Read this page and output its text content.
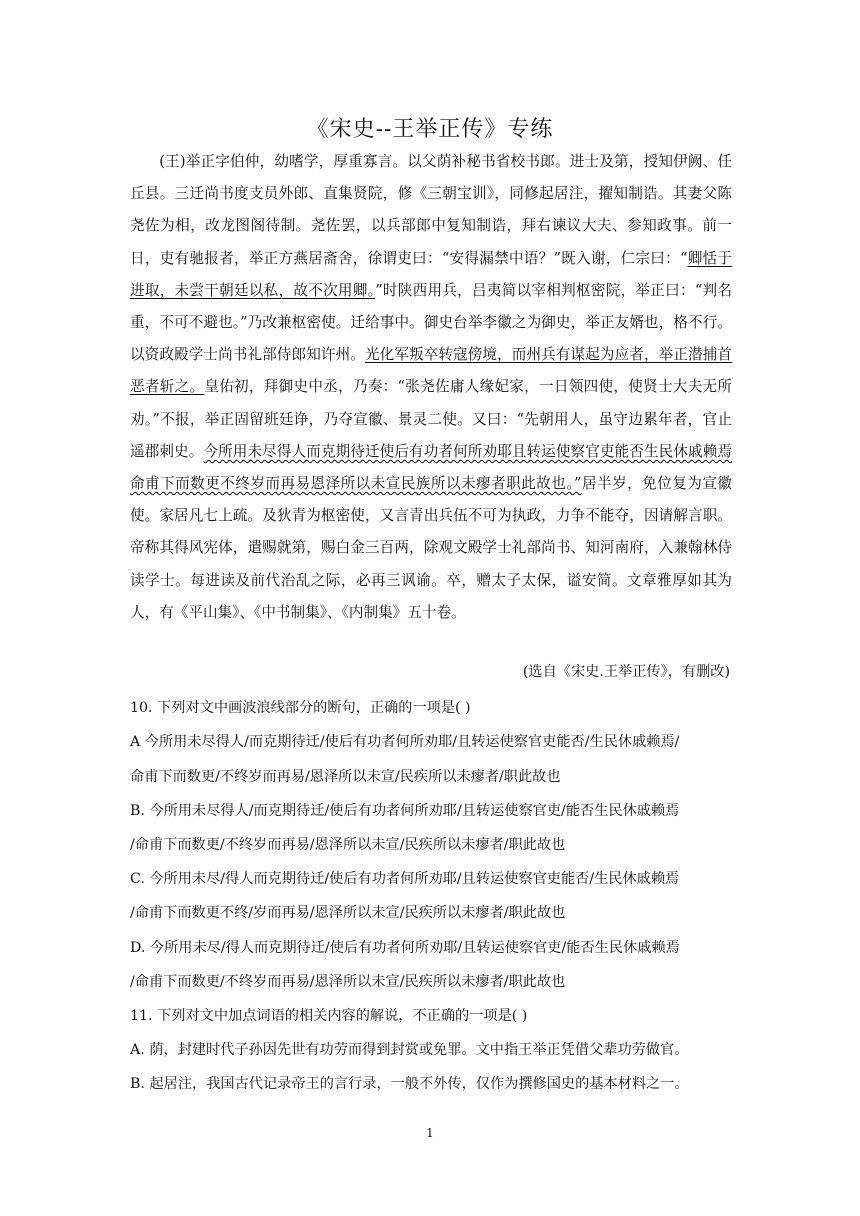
《宋史--王举正传》专练

(王)举正字伯仲，幼嗜学，厚重寡言。以父荫补秘书省校书郎。进士及第，授知伊阙、任丘县。三迁尚书度支员外郎、直集贤院，修《三朝宝训》，同修起居注，擢知制诰。其妻父陈尧佐为相，改龙图阁待制。尧佐罢，以兵部郎中复知制诰，拜右谏议大夫、参知政事。前一日，吏有驰报者，举正方燕居斋舍，徐谓吏曰：“安得漏禁中语？”既入谢，仁宗曰：“卿恬于进取，未尝干朝廷以私，故不次用卿。”时陕西用兵，吕夷简以宰相判枢密院，举正曰：“判名重，不可不避也。”乃改兼枢密使。迁给事中。御史台举李徽之为御史，举正友婿也，格不行。以资政殿学士尚书礼部侍郎知许州。光化军叛卒转寇傍境，而州兵有谋起为应者，举正潜捕首恶者斩之。皇佑初，拜御史中丞，乃奏：“张尧佐庸人缘妃家，一日领四使，使贤士大夫无所劝。”不报，举正固留班廷诤，乃夺宣徽、景灵二使。又曰：“先朝用人，虽守边累年者，官止遥郡刺史。今所用未尽得人而克期待迁使后有功者何所劝耶且转运使察官吏能否生民休戚赖焉命甫下而数更不终岁而再易恩泽所以未宣民族所以未瘳者职此故也。”居半岁，免位复为宣徽使。家居凡七上疏。及狄青为枢密使，又言青出兵伍不可为执政，力争不能夺，因请解言职。帝称其得风宪体，遣赐就第，赐白金三百两，除观文殿学士礼部尚书、知河南府，入兼翰林侍读学士。每进读及前代治乱之际，必再三讽谕。卒，赠太子太保，谥安简。文章雅厚如其为人，有《平山集》、《中书制集》、《内制集》五十卷。

(选自《宋史.王举正传》，有删改)
10. 下列对文中画波浪线部分的断句，正确的一项是( )
A 今所用未尽得人/而克期待迁/使后有功者何所劝耶/且转运使察官吏能否/生民休戚赖焉/
命甫下而数更/不终岁而再易/恩泽所以未宣/民疾所以未瘳者/职此故也
B. 今所用未尽得人/而克期待迁/使后有功者何所劝耶/且转运使察官吏/能否生民休戚赖焉
/命甫下而数更/不终岁而再易/恩泽所以未宣/民疾所以未瘳者/职此故也
C. 今所用未尽/得人而克期待迁/使后有功者何所劝耶/且转运使察官吏能否/生民休戚赖焉
/命甫下而数更不终/岁而再易/恩泽所以未宣/民疾所以未瘳者/职此故也
D. 今所用未尽/得人而克期待迁/使后有功者何所劝耶/且转运使察官吏/能否生民休戚赖焉
/命甫下而数更/不终岁而再易/恩泽所以未宣/民疾所以未瘳者/职此故也
11. 下列对文中加点词语的相关内容的解说，不正确的一项是( )
A. 荫，封建时代子孙因先世有功劳而得到封赏或免罪。文中指王举正凭借父辈功劳做官。
B. 起居注，我国古代记录帝王的言行录，一般不外传，仅作为撰修国史的基本材料之一。
1
